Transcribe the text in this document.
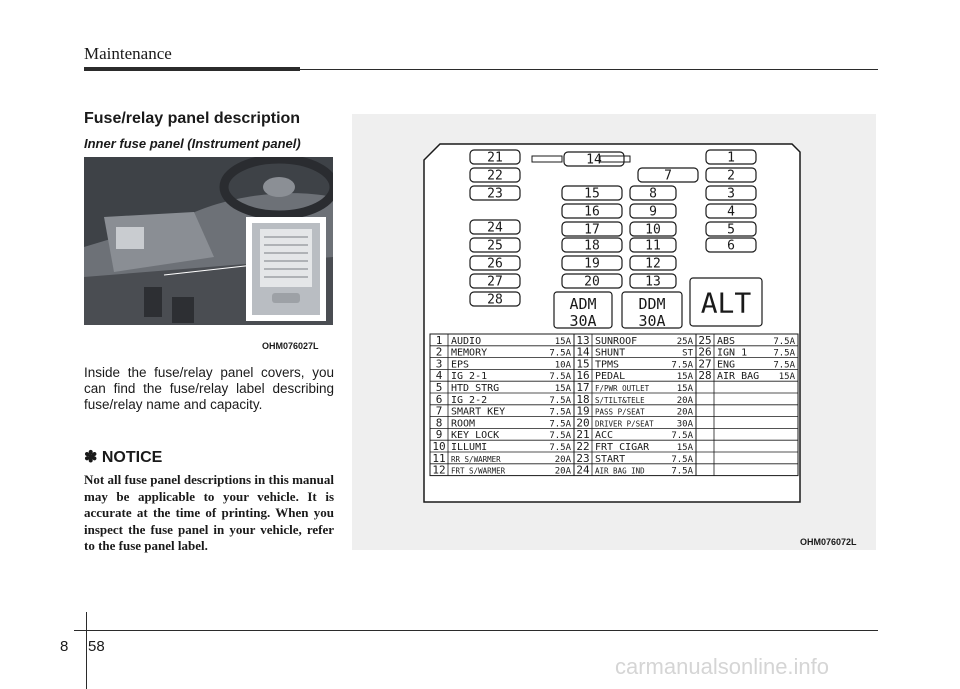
Maintenance
Fuse/relay panel description
Inner fuse panel (Instrument panel)
OHM076027L
Inside the fuse/relay panel covers, you can find the fuse/relay label describing fuse/relay name and capacity.
✽ NOTICE
Not all fuse panel descriptions in this manual may be applicable to your vehicle. It is accurate at the time of printing. When you inspect the fuse panel in your vehicle, refer to the fuse panel label.
21
22
23
24
25
26
27
28
14
15
16
17
18
19
20
7
8
9
10
11
12
13
1
2
3
4
5
6
ADM
30A
DDM
30A
ALT
1 AUDIO	15A 13 SUNROOF	25A 25 ABS	7.5A
2 MEMORY	7.5A 14 SHUNT	ST 26 IGN 1	7.5A
3 EPS	10A 15 TPMS	7.5A 27 ENG	7.5A
4 IG 2-1	7.5A 16 PEDAL	15A 28 AIR BAG 15A
5 HTD STRG	15A 17 F/PWR OUTLET	15A
6 IG 2-2	7.5A 18 S/TILT&TELE	20A
7 SMART KEY	7.5A 19 PASS P/SEAT	20A
8 ROOM	7.5A 20 DRIVER P/SEAT	30A
9 KEY LOCK	7.5A 21 ACC	7.5A
10 ILLUMI	7.5A 22 FRT CIGAR	15A
11 RR S/WARMER	20A 23 START	7.5A
12 FRT S/WARMER	20A 24 AIR BAG IND	7.5A
OHM076072L
8 58
carmanualsonline.info
